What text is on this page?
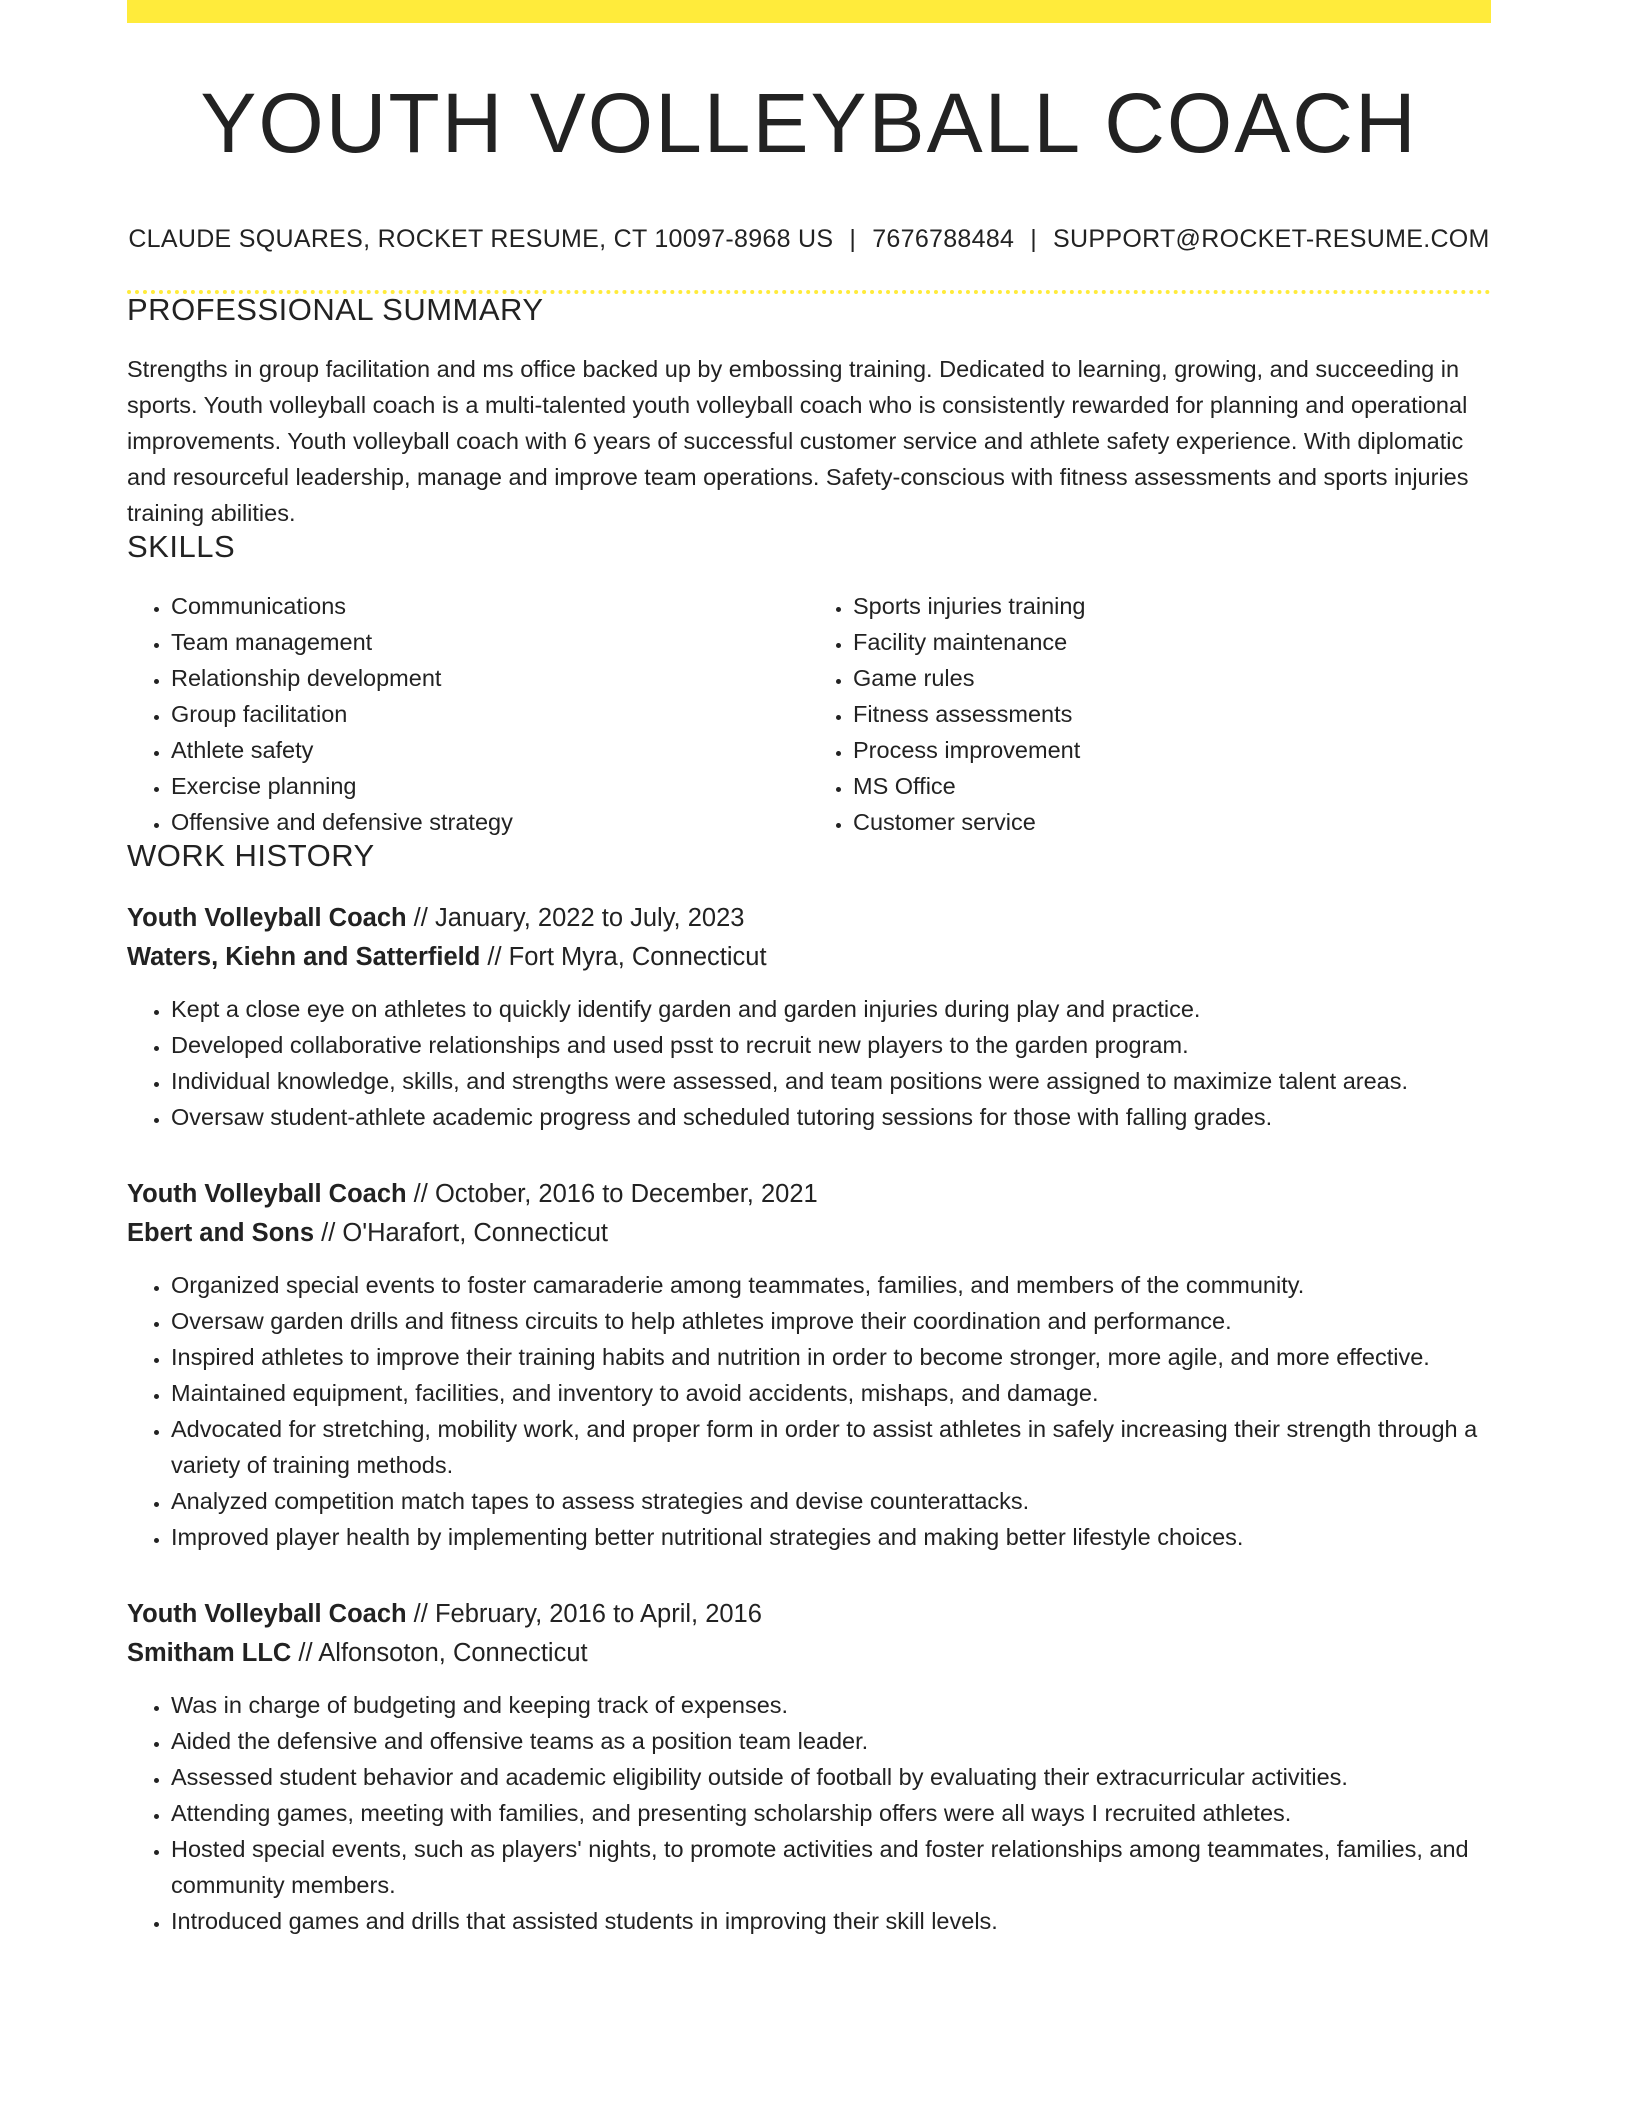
YOUTH VOLLEYBALL COACH
CLAUDE SQUARES, ROCKET RESUME, CT 10097-8968 US | 7676788484 | SUPPORT@ROCKET-RESUME.COM
PROFESSIONAL SUMMARY

Strengths in group facilitation and ms office backed up by embossing training. Dedicated to learning, growing, and succeeding in sports. Youth volleyball coach is a multi-talented youth volleyball coach who is consistently rewarded for planning and operational improvements. Youth volleyball coach with 6 years of successful customer service and athlete safety experience. With diplomatic and resourceful leadership, manage and improve team operations. Safety-conscious with fitness assessments and sports injuries training abilities.

SKILLS
• Communications
• Team management
• Relationship development
• Group facilitation
• Athlete safety
• Exercise planning
• Offensive and defensive strategy
• Sports injuries training
• Facility maintenance
• Game rules
• Fitness assessments
• Process improvement
• MS Office
• Customer service
WORK HISTORY
Youth Volleyball Coach // January, 2022 to July, 2023
Waters, Kiehn and Satterfield // Fort Myra, Connecticut
• Kept a close eye on athletes to quickly identify garden and garden injuries during play and practice.
• Developed collaborative relationships and used psst to recruit new players to the garden program.
• Individual knowledge, skills, and strengths were assessed, and team positions were assigned to maximize talent areas.
• Oversaw student-athlete academic progress and scheduled tutoring sessions for those with falling grades.
Youth Volleyball Coach // October, 2016 to December, 2021
Ebert and Sons // O'Harafort, Connecticut
• Organized special events to foster camaraderie among teammates, families, and members of the community.
• Oversaw garden drills and fitness circuits to help athletes improve their coordination and performance.
• Inspired athletes to improve their training habits and nutrition in order to become stronger, more agile, and more effective.
• Maintained equipment, facilities, and inventory to avoid accidents, mishaps, and damage.
• Advocated for stretching, mobility work, and proper form in order to assist athletes in safely increasing their strength through a variety of training methods.
• Analyzed competition match tapes to assess strategies and devise counterattacks.
• Improved player health by implementing better nutritional strategies and making better lifestyle choices.
Youth Volleyball Coach // February, 2016 to April, 2016
Smitham LLC // Alfonsoton, Connecticut
• Was in charge of budgeting and keeping track of expenses.
• Aided the defensive and offensive teams as a position team leader.
• Assessed student behavior and academic eligibility outside of football by evaluating their extracurricular activities.
• Attending games, meeting with families, and presenting scholarship offers were all ways I recruited athletes.
• Hosted special events, such as players' nights, to promote activities and foster relationships among teammates, families, and community members.
• Introduced games and drills that assisted students in improving their skill levels.
